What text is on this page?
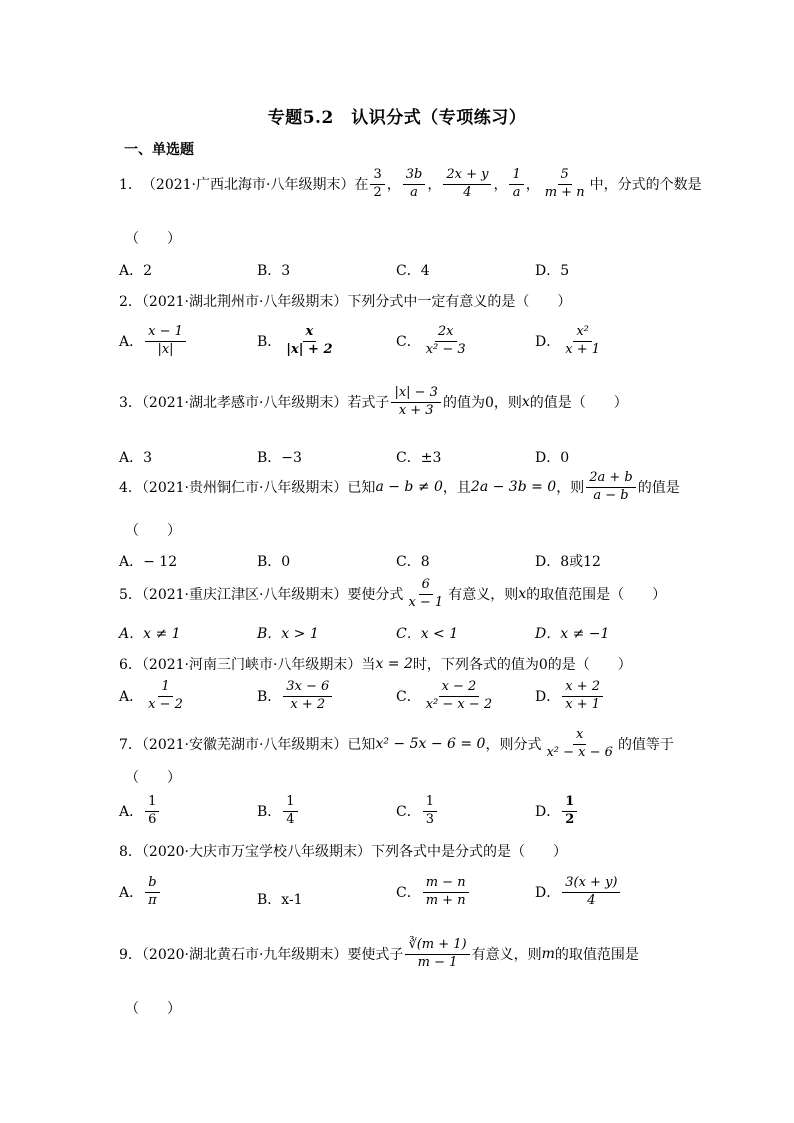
专题5.2　认识分式（专项练习）
一、单选题
1． （2021·广西北海市·八年级期末） 在 $\frac{3}{2}$ ， $\frac{3b}{a}$ ， $\frac{2x + y}{4}$ ， $\frac{1}{a}$ ， $\frac{5}{m + n}$ 中，分式的个数是
（　　）
A．2	B．3	C．4	D．5
2．（2021·湖北荆州市·八年级期末）下列分式中一定有意义的是（　　）
A． $\frac{x - 1}{|x|}$	B． $\frac{x}{|x| + 2}$	C． $\frac{2x}{\text{x² − 3}}$	D． $\frac{\text{x²}}{x + 1}$
3．（2021·湖北孝感市·八年级期末）若式子 $\frac{|x| - 3}{x + 3}$ 的值为0，则 x 的值是（　　）
A．3	B．−3	C．±3	D．0
4．（2021·贵州铜仁市·八年级期末）已知 a − b ≠ 0 ，且 2a − 3b = 0 ，则 $\frac{2a + b}{a - b}$ 的值是
（　　）
A．− 12	B．0	C．8	D．8或12
5．（2021·重庆江津区·八年级期末）要使分式 $\frac{6}{x - 1}$ 有意义，则 x 的取值范围是（　　）
A．x ≠ 1	B．x > 1	C．x < 1	D．x ≠ −1
6．（2021·河南三门峡市·八年级期末）当 x = 2 时，下列各式的值为0的是（　　）
A． $\frac{1}{x - 2}$	B． $\frac{3x - 6}{x + 2}$	C． $\frac{x - 2}{\text{x² − x − 2}}$	D． $\frac{x + 2}{x + 1}$
7．（2021·安徽芜湖市·八年级期末）已知 x² − 5x − 6 = 0 ，则分式 $\frac{x}{\text{x² − x − 6}}$ 的值等于
（　　）
A． $\frac{1}{6}$	B． $\frac{1}{4}$	C． $\frac{1}{3}$	D． $\frac{1}{2}$
8．（2020·大庆市万宝学校八年级期末）下列各式中是分式的是（　　）
A． $\frac{b}{\pi}$	B．x-1	C． $\frac{m - n}{m + n}$	D． $\frac{3(x + y)}{4}$
9．（2020·湖北黄石市·九年级期末）要使式子 $\frac{∛(m + 1)}{m - 1}$ 有意义，则 m 的取值范围是
（　　）
